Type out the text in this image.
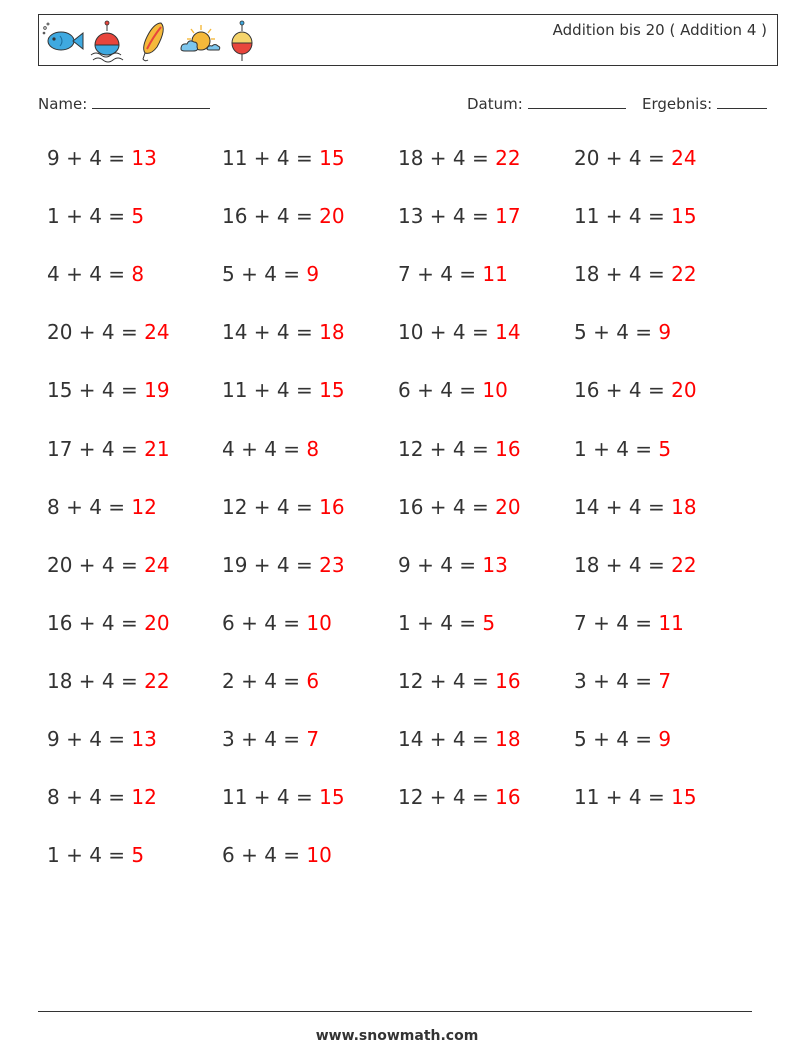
Addition bis 20 ( Addition 4 )
Name:	Datum:	Ergebnis:
9 + 4 = 13	11 + 4 = 15	18 + 4 = 22	20 + 4 = 24
1 + 4 = 5	16 + 4 = 20	13 + 4 = 17	11 + 4 = 15
4 + 4 = 8	5 + 4 = 9	7 + 4 = 11	18 + 4 = 22
20 + 4 = 24	14 + 4 = 18	10 + 4 = 14	5 + 4 = 9
15 + 4 = 19	11 + 4 = 15	6 + 4 = 10	16 + 4 = 20
17 + 4 = 21	4 + 4 = 8	12 + 4 = 16	1 + 4 = 5
8 + 4 = 12	12 + 4 = 16	16 + 4 = 20	14 + 4 = 18
20 + 4 = 24	19 + 4 = 23	9 + 4 = 13	18 + 4 = 22
16 + 4 = 20	6 + 4 = 10	1 + 4 = 5	7 + 4 = 11
18 + 4 = 22	2 + 4 = 6	12 + 4 = 16	3 + 4 = 7
9 + 4 = 13	3 + 4 = 7	14 + 4 = 18	5 + 4 = 9
8 + 4 = 12	11 + 4 = 15	12 + 4 = 16	11 + 4 = 15
1 + 4 = 5	6 + 4 = 10
www.snowmath.com
